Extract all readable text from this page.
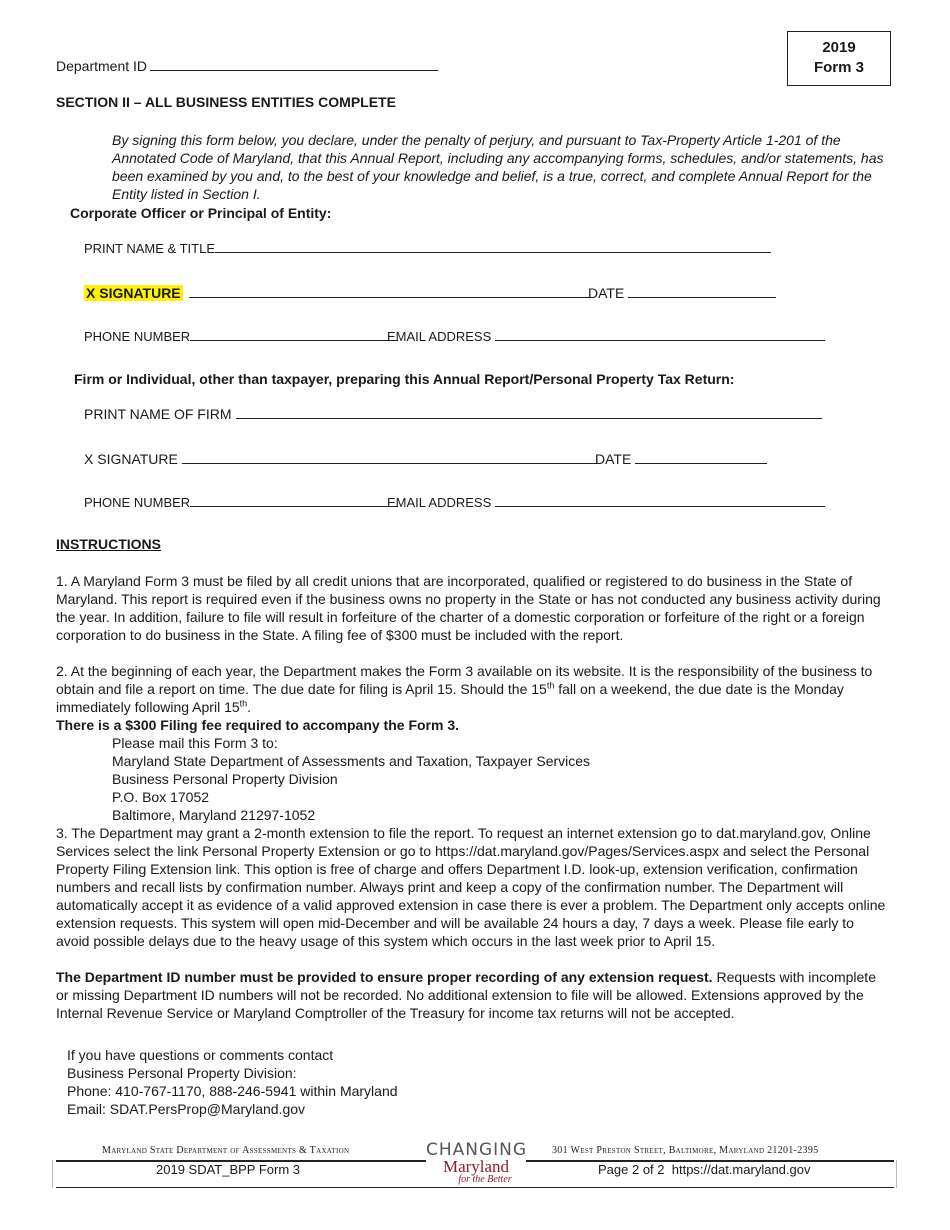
Department ID
2019
Form 3
SECTION II – ALL BUSINESS ENTITIES COMPLETE
By signing this form below, you declare, under the penalty of perjury, and pursuant to Tax-Property Article 1-201 of the Annotated Code of Maryland, that this Annual Report, including any accompanying forms, schedules, and/or statements, has been examined by you and, to the best of your knowledge and belief, is a true, correct, and complete Annual Report for the Entity listed in Section I.
Corporate Officer or Principal of Entity:
PRINT NAME & TITLE
X SIGNATURE	DATE
PHONE NUMBER	EMAIL ADDRESS
Firm or Individual, other than taxpayer, preparing this Annual Report/Personal Property Tax Return:
PRINT NAME OF FIRM
X SIGNATURE	DATE
PHONE NUMBER	EMAIL ADDRESS
INSTRUCTIONS
1. A Maryland Form 3 must be filed by all credit unions that are incorporated, qualified or registered to do business in the State of Maryland. This report is required even if the business owns no property in the State or has not conducted any business activity during the year. In addition, failure to file will result in forfeiture of the charter of a domestic corporation or forfeiture of the right or a foreign corporation to do business in the State. A filing fee of $300 must be included with the report.
2. At the beginning of each year, the Department makes the Form 3 available on its website. It is the responsibility of the business to obtain and file a report on time. The due date for filing is April 15. Should the 15th fall on a weekend, the due date is the Monday immediately following April 15th.
There is a $300 Filing fee required to accompany the Form 3.
Please mail this Form 3 to:
Maryland State Department of Assessments and Taxation, Taxpayer Services
Business Personal Property Division
P.O. Box 17052
Baltimore, Maryland 21297-1052
3. The Department may grant a 2-month extension to file the report. To request an internet extension go to dat.maryland.gov, Online Services select the link Personal Property Extension or go to https://dat.maryland.gov/Pages/Services.aspx and select the Personal Property Filing Extension link. This option is free of charge and offers Department I.D. look-up, extension verification, confirmation numbers and recall lists by confirmation number. Always print and keep a copy of the confirmation number. The Department will automatically accept it as evidence of a valid approved extension in case there is ever a problem. The Department only accepts online extension requests. This system will open mid-December and will be available 24 hours a day, 7 days a week. Please file early to avoid possible delays due to the heavy usage of this system which occurs in the last week prior to April 15.
The Department ID number must be provided to ensure proper recording of any extension request. Requests with incomplete or missing Department ID numbers will not be recorded. No additional extension to file will be allowed. Extensions approved by the Internal Revenue Service or Maryland Comptroller of the Treasury for income tax returns will not be accepted.
If you have questions or comments contact
Business Personal Property Division:
Phone: 410-767-1170, 888-246-5941 within Maryland
Email: SDAT.PersProp@Maryland.gov
Maryland State Department of Assessments & Taxation	301 West Preston Street, Baltimore, Maryland 21201-2395
2019 SDAT_BPP Form 3	Page 2 of 2 https://dat.maryland.gov
CHANGING
Maryland
for the Better
